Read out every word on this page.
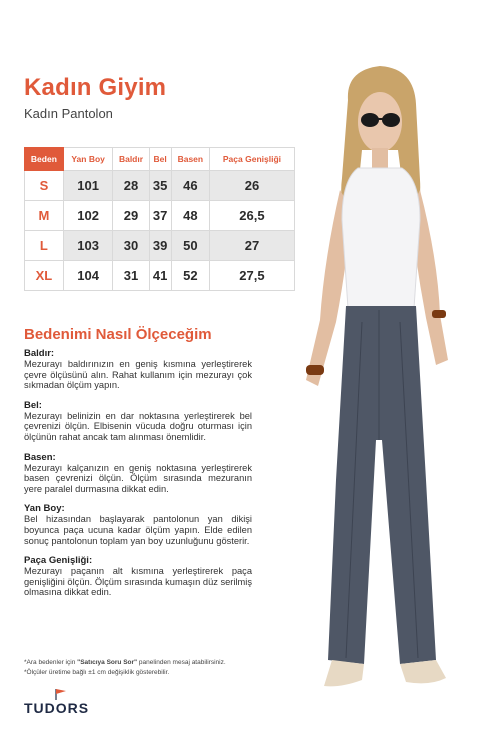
Kadın Giyim
Kadın Pantolon
Beden	Yan Boy	Baldır	Bel	Basen	Paça Genişliği
S	101	28	35	46	26
M	102	29	37	48	26,5
L	103	30	39	50	27
XL	104	31	41	52	27,5
Bedenimi Nasıl Ölçeceğim
Baldır:
Mezurayı baldırınızın en geniş kısmına yerleştirerek çevre ölçüsünü alın. Rahat kullanım için mezurayı çok sıkmadan ölçüm yapın.
Bel:
Mezurayı belinizin en dar noktasına yerleştirerek bel çevrenizi ölçün. Elbisenin vücuda doğru oturması için ölçünün rahat ancak tam alınması önemlidir.
Basen:
Mezurayı kalçanızın en geniş noktasına yerleştirerek basen çevrenizi ölçün. Ölçüm sırasında mezuranın yere paralel durmasına dikkat edin.
Yan Boy:
Bel hizasından başlayarak pantolonun yan dikişi boyunca paça ucuna kadar ölçüm yapın. Elde edilen sonuç pantolonun toplam yan boy uzunluğunu gösterir.
Paça Genişliği:
Mezurayı paçanın alt kısmına yerleştirerek paça genişliğini ölçün. Ölçüm sırasında kumaşın düz serilmiş olmasına dikkat edin.
*Ara bedenler için "Satıcıya Soru Sor" panelinden mesaj atabilirsiniz.
*Ölçüler üretime bağlı ±1 cm değişiklik gösterebilir.
TUDORS
